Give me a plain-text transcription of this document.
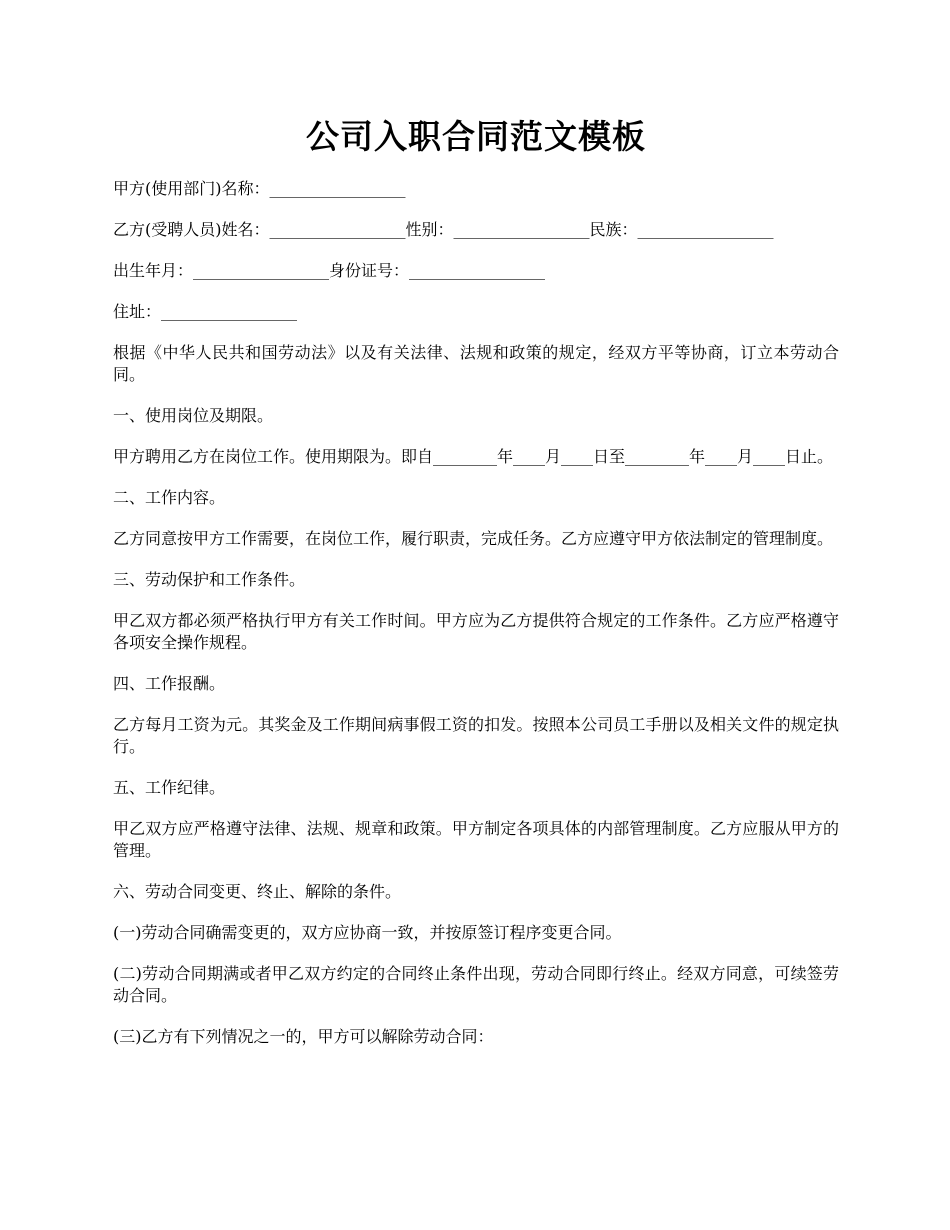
公司入职合同范文模板

甲方(使用部门)名称：_________________

乙方(受聘人员)姓名：_________________性别：_________________民族：_________________

出生年月：_________________身份证号：_________________

住址：_________________

根据《中华人民共和国劳动法》以及有关法律、法规和政策的规定，经双方平等协商，订立本劳动合同。

一、使用岗位及期限。

甲方聘用乙方在岗位工作。使用期限为。即自________年____月____日至________年____月____日止。

二、工作内容。

乙方同意按甲方工作需要，在岗位工作，履行职责，完成任务。乙方应遵守甲方依法制定的管理制度。

三、劳动保护和工作条件。

甲乙双方都必须严格执行甲方有关工作时间。甲方应为乙方提供符合规定的工作条件。乙方应严格遵守各项安全操作规程。

四、工作报酬。

乙方每月工资为元。其奖金及工作期间病事假工资的扣发。按照本公司员工手册以及相关文件的规定执行。

五、工作纪律。

甲乙双方应严格遵守法律、法规、规章和政策。甲方制定各项具体的内部管理制度。乙方应服从甲方的管理。

六、劳动合同变更、终止、解除的条件。

(一)劳动合同确需变更的，双方应协商一致，并按原签订程序变更合同。

(二)劳动合同期满或者甲乙双方约定的合同终止条件出现，劳动合同即行终止。经双方同意，可续签劳动合同。

(三)乙方有下列情况之一的，甲方可以解除劳动合同：
